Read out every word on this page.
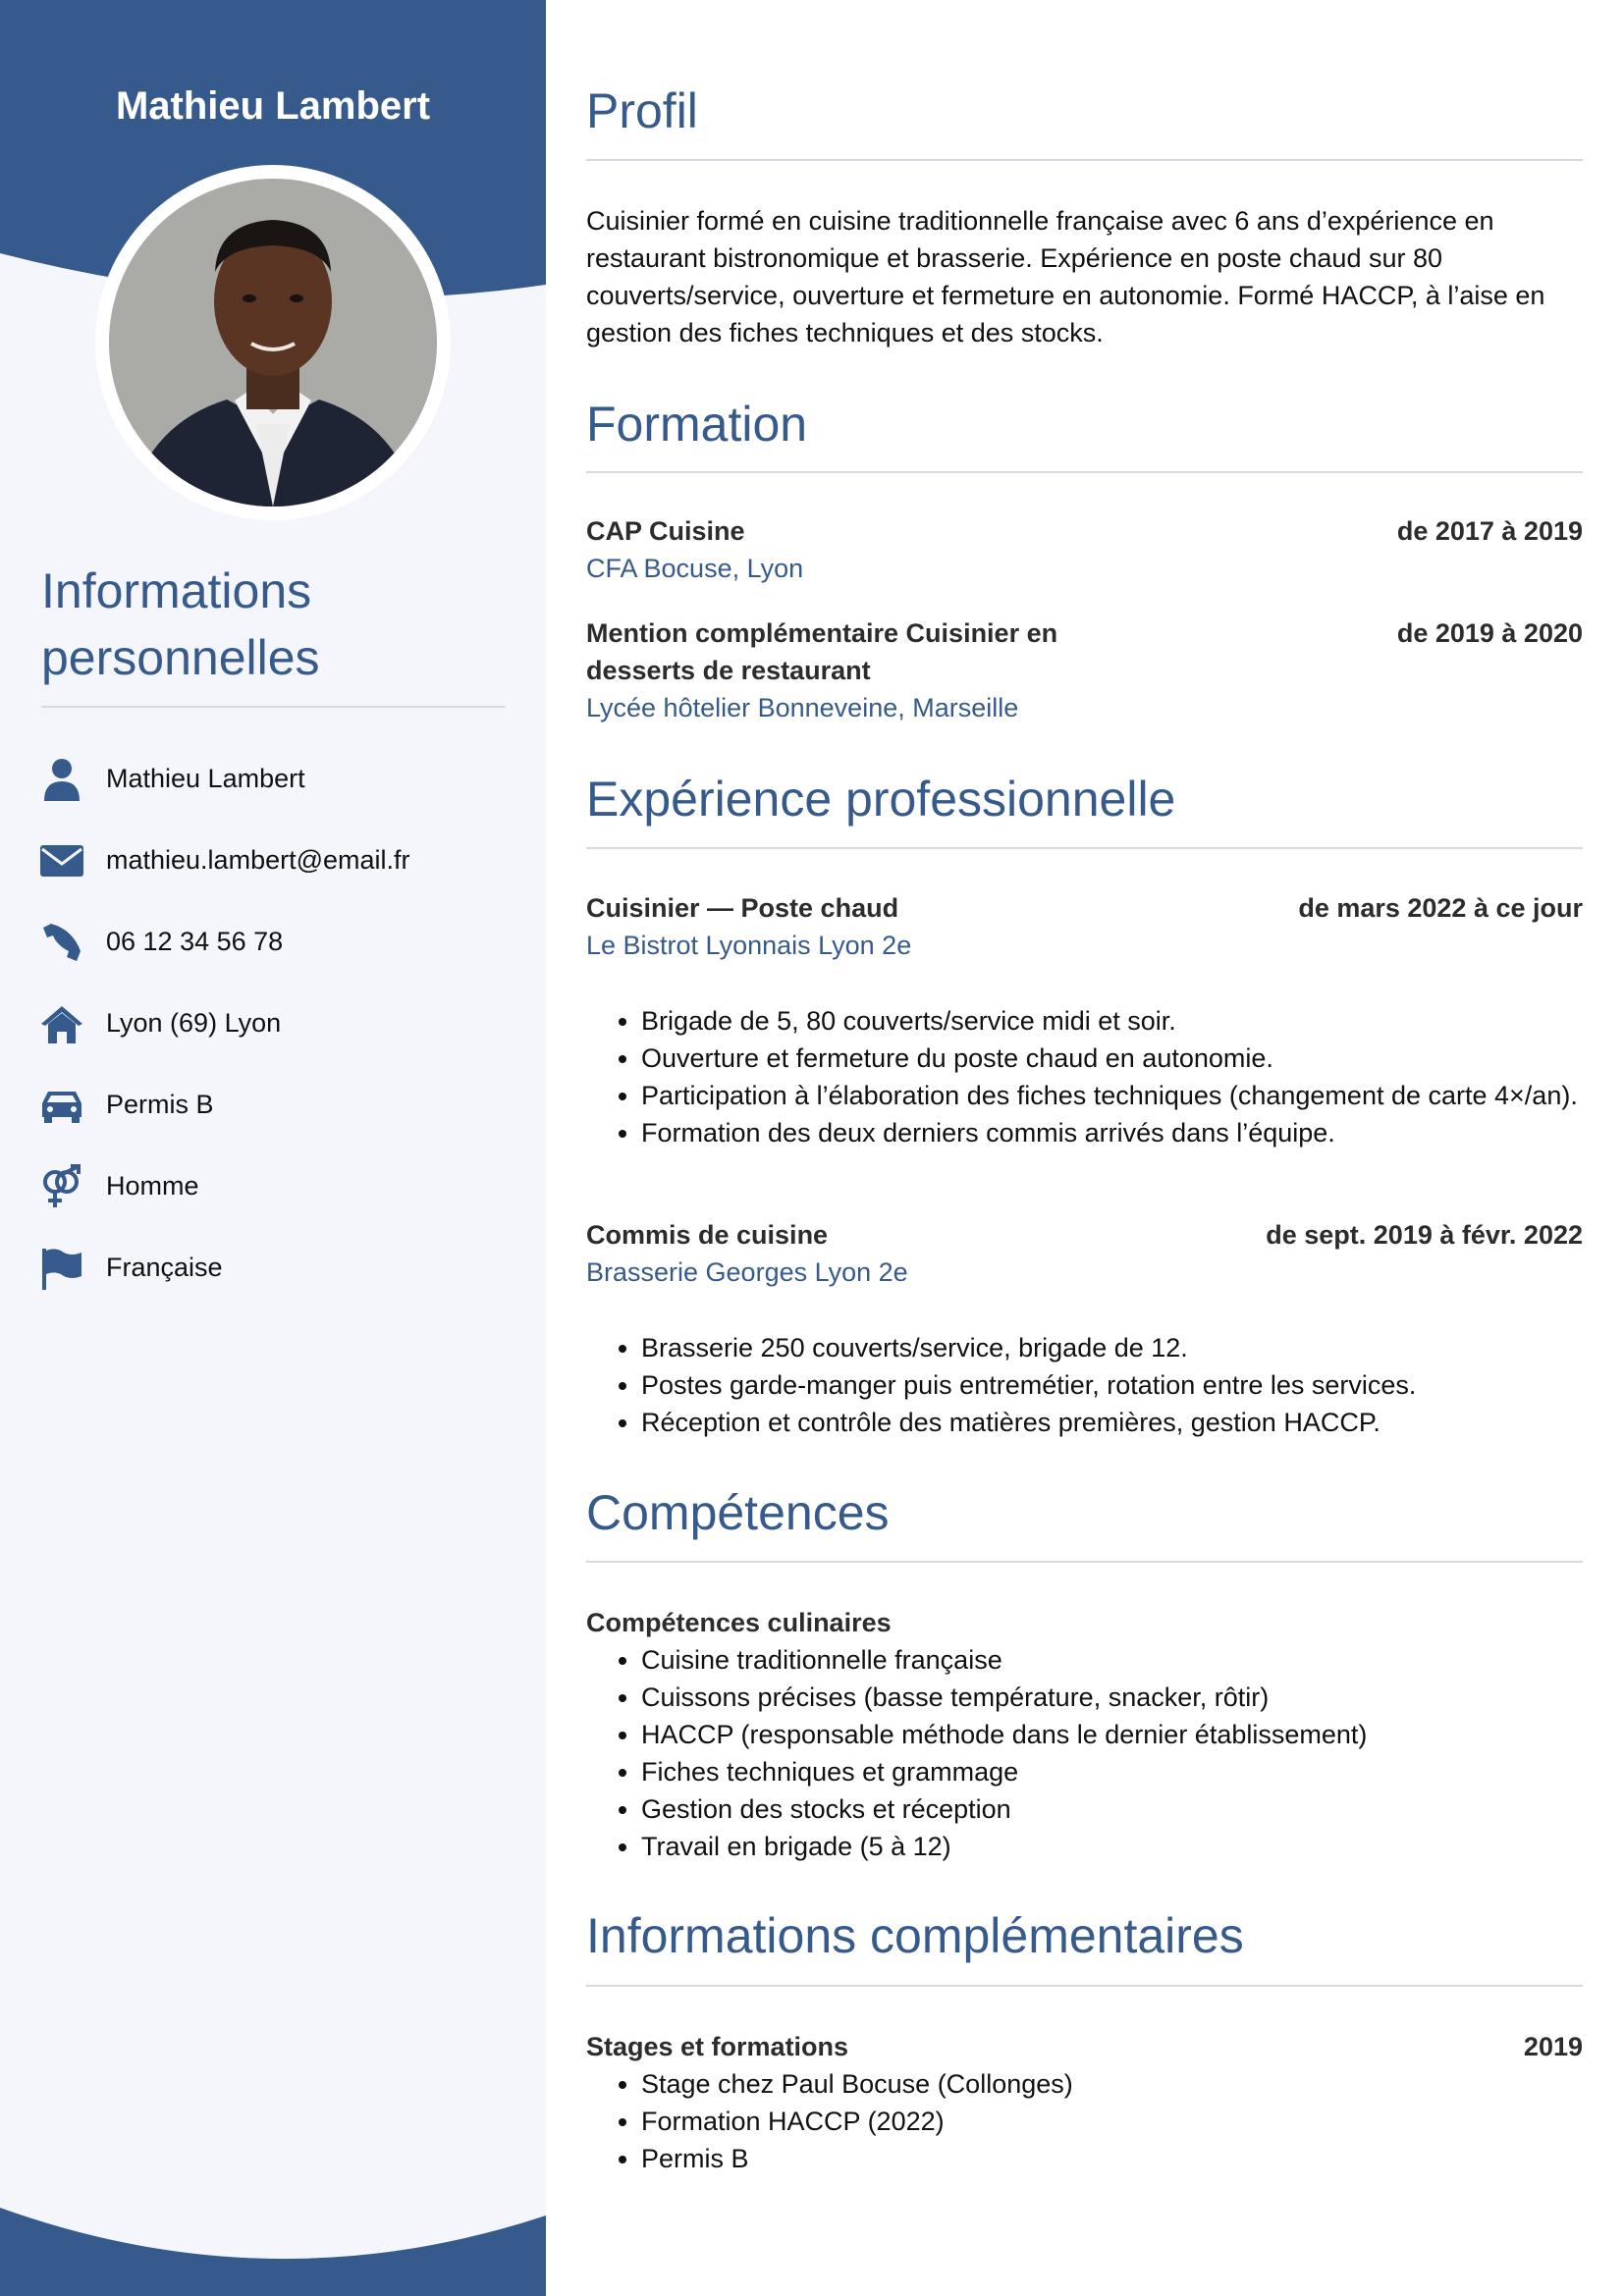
Mathieu Lambert
Informations personnelles
Mathieu Lambert
mathieu.lambert@email.fr
06 12 34 56 78
Lyon (69) Lyon
Permis B
Homme
Française
Profil
Cuisinier formé en cuisine traditionnelle française avec 6 ans d’expérience en restaurant bistronomique et brasserie. Expérience en poste chaud sur 80 couverts/service, ouverture et fermeture en autonomie. Formé HACCP, à l’aise en gestion des fiches techniques et des stocks.
Formation
CAP Cuisine	de 2017 à 2019
CFA Bocuse, Lyon
Mention complémentaire Cuisinier en desserts de restaurant
de 2019 à 2020
Lycée hôtelier Bonneveine, Marseille
Expérience professionnelle
Cuisinier — Poste chaud	de mars 2022 à ce jour
Le Bistrot Lyonnais Lyon 2e
• Brigade de 5, 80 couverts/service midi et soir.
• Ouverture et fermeture du poste chaud en autonomie.
• Participation à l’élaboration des fiches techniques (changement de carte 4×/an).
• Formation des deux derniers commis arrivés dans l’équipe.
Commis de cuisine	de sept. 2019 à févr. 2022
Brasserie Georges Lyon 2e
• Brasserie 250 couverts/service, brigade de 12.
• Postes garde-manger puis entremétier, rotation entre les services.
• Réception et contrôle des matières premières, gestion HACCP.
Compétences
Compétences culinaires
• Cuisine traditionnelle française
• Cuissons précises (basse température, snacker, rôtir)
• HACCP (responsable méthode dans le dernier établissement)
• Fiches techniques et grammage
• Gestion des stocks et réception
• Travail en brigade (5 à 12)
Informations complémentaires
Stages et formations	2019
• Stage chez Paul Bocuse (Collonges)
• Formation HACCP (2022)
• Permis B
